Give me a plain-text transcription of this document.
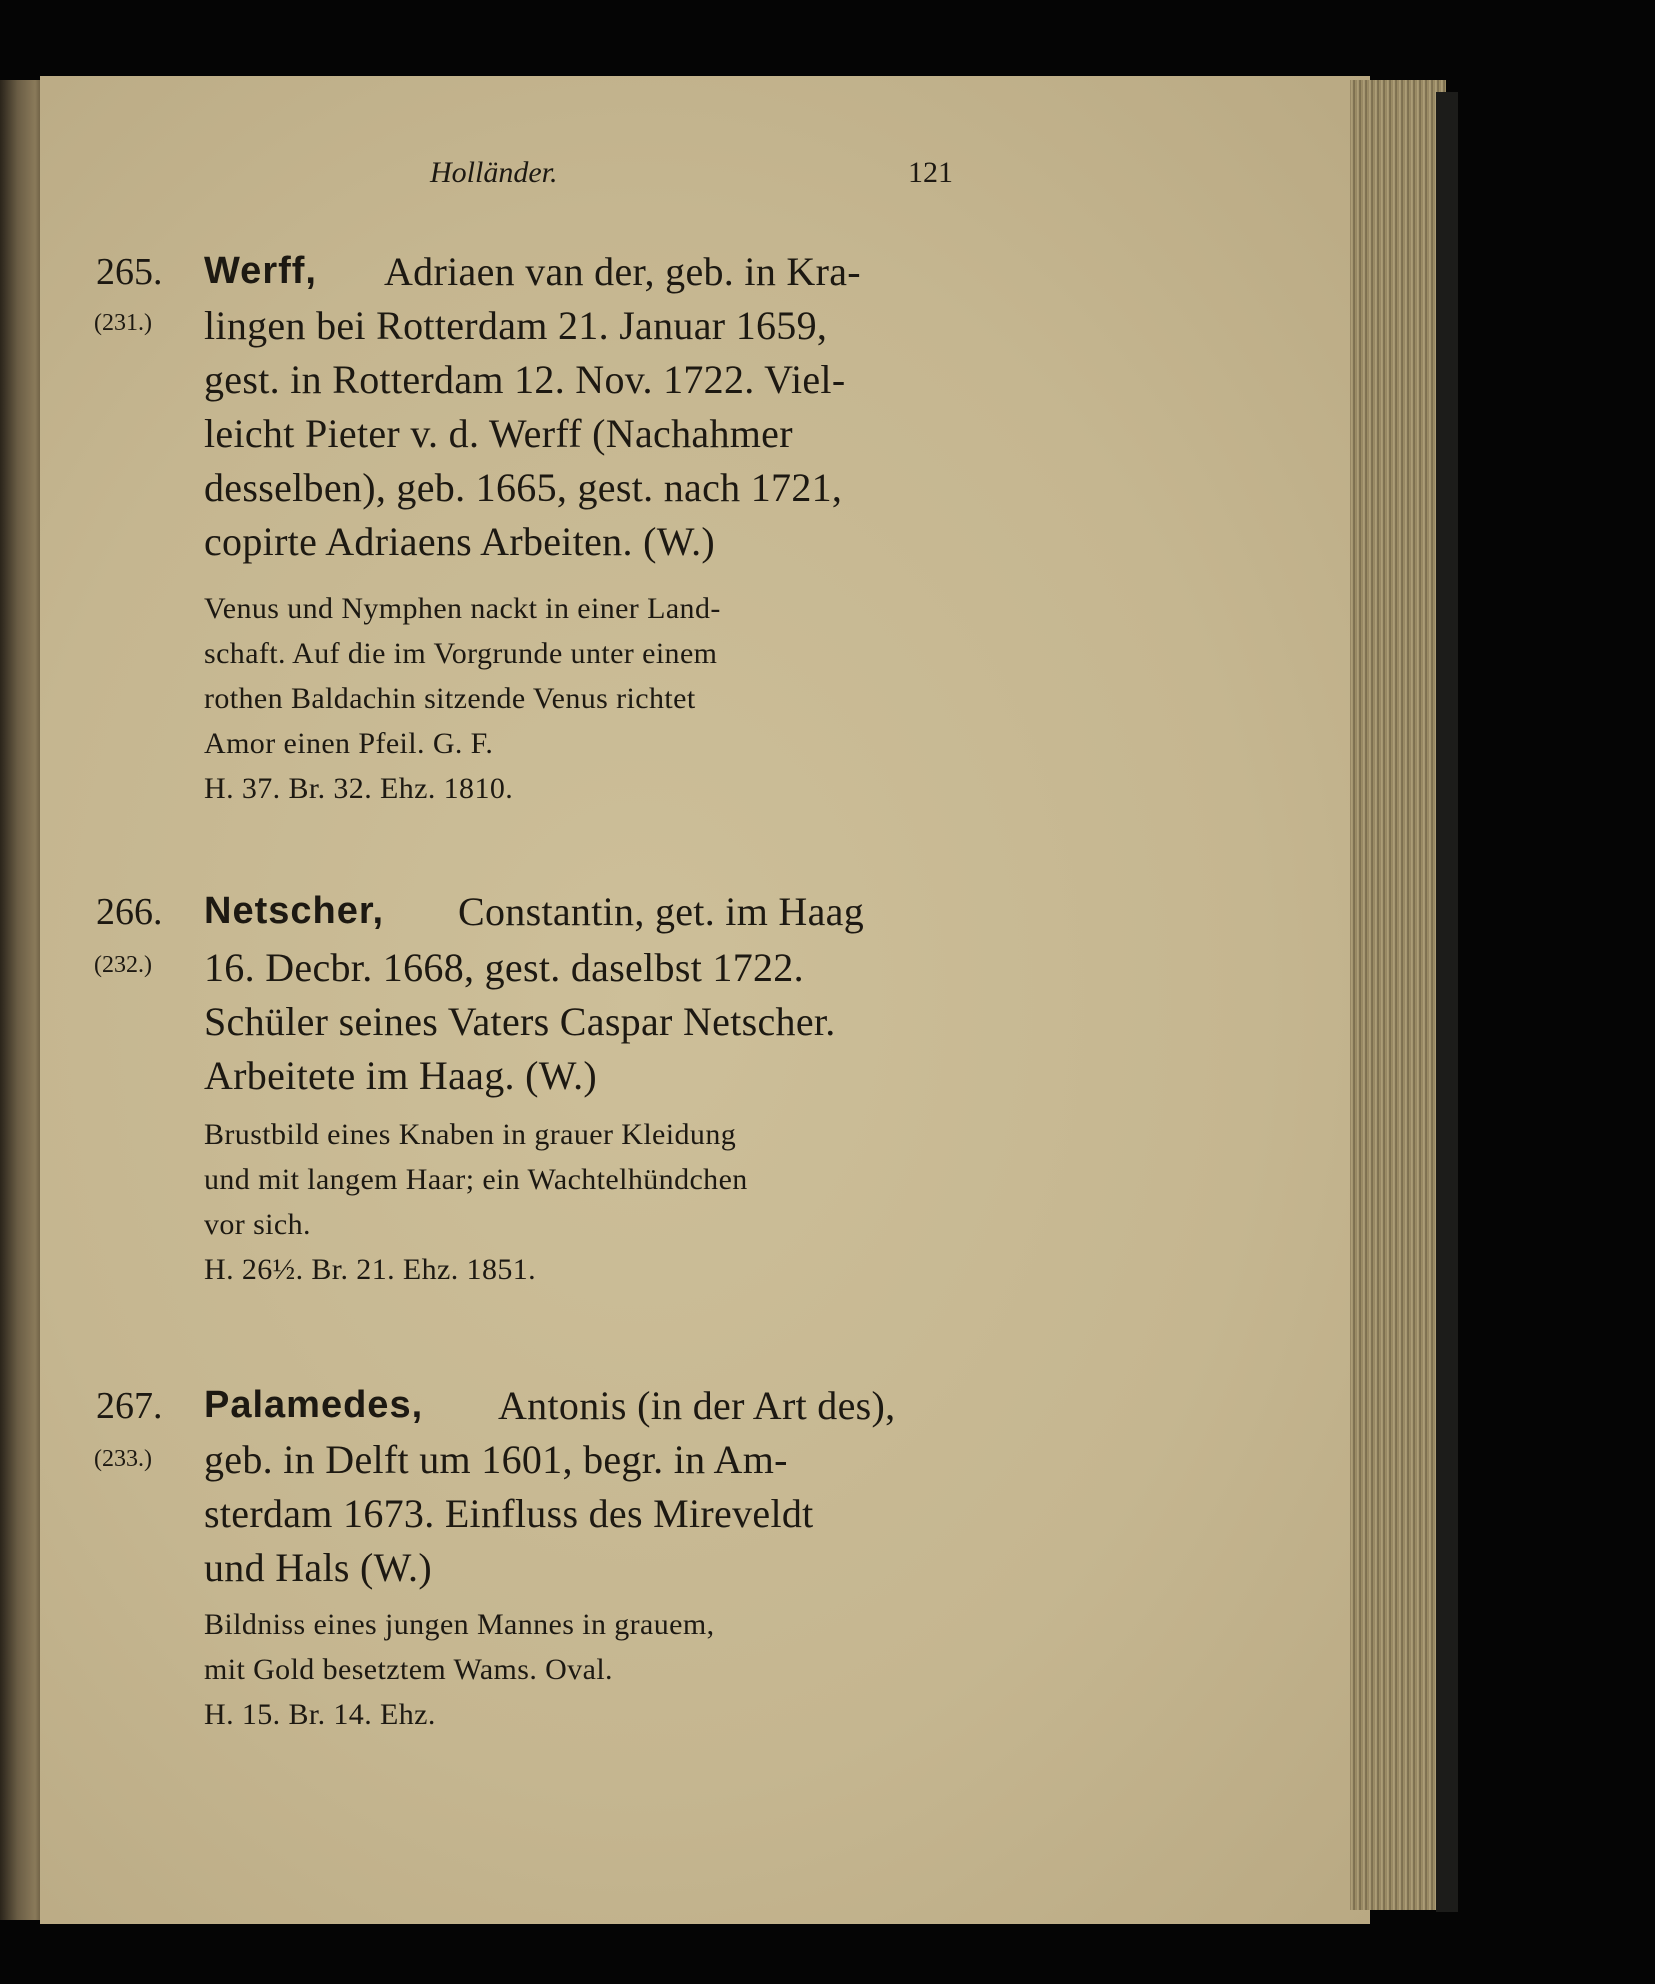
Holländer.	121
265.
(231.)
Werff, Adriaen van der, geb. in Kra-
lingen bei Rotterdam 21. Januar 1659,
gest. in Rotterdam 12. Nov. 1722. Viel-
leicht Pieter v. d. Werff (Nachahmer
desselben), geb. 1665, gest. nach 1721,
copirte Adriaens Arbeiten. (W.)
Venus und Nymphen nackt in einer Land-
schaft. Auf die im Vorgrunde unter einem
rothen Baldachin sitzende Venus richtet
Amor einen Pfeil. G. F.
H. 37. Br. 32. Ehz. 1810.
266.
(232.)
Netscher, Constantin, get. im Haag
16. Decbr. 1668, gest. daselbst 1722.
Schüler seines Vaters Caspar Netscher.
Arbeitete im Haag. (W.)
Brustbild eines Knaben in grauer Kleidung
und mit langem Haar; ein Wachtelhündchen
vor sich.
H. 26½. Br. 21. Ehz. 1851.
267.
(233.)
Palamedes, Antonis (in der Art des),
geb. in Delft um 1601, begr. in Am-
sterdam 1673. Einfluss des Mireveldt
und Hals (W.)
Bildniss eines jungen Mannes in grauem,
mit Gold besetztem Wams. Oval.
H. 15. Br. 14. Ehz.
